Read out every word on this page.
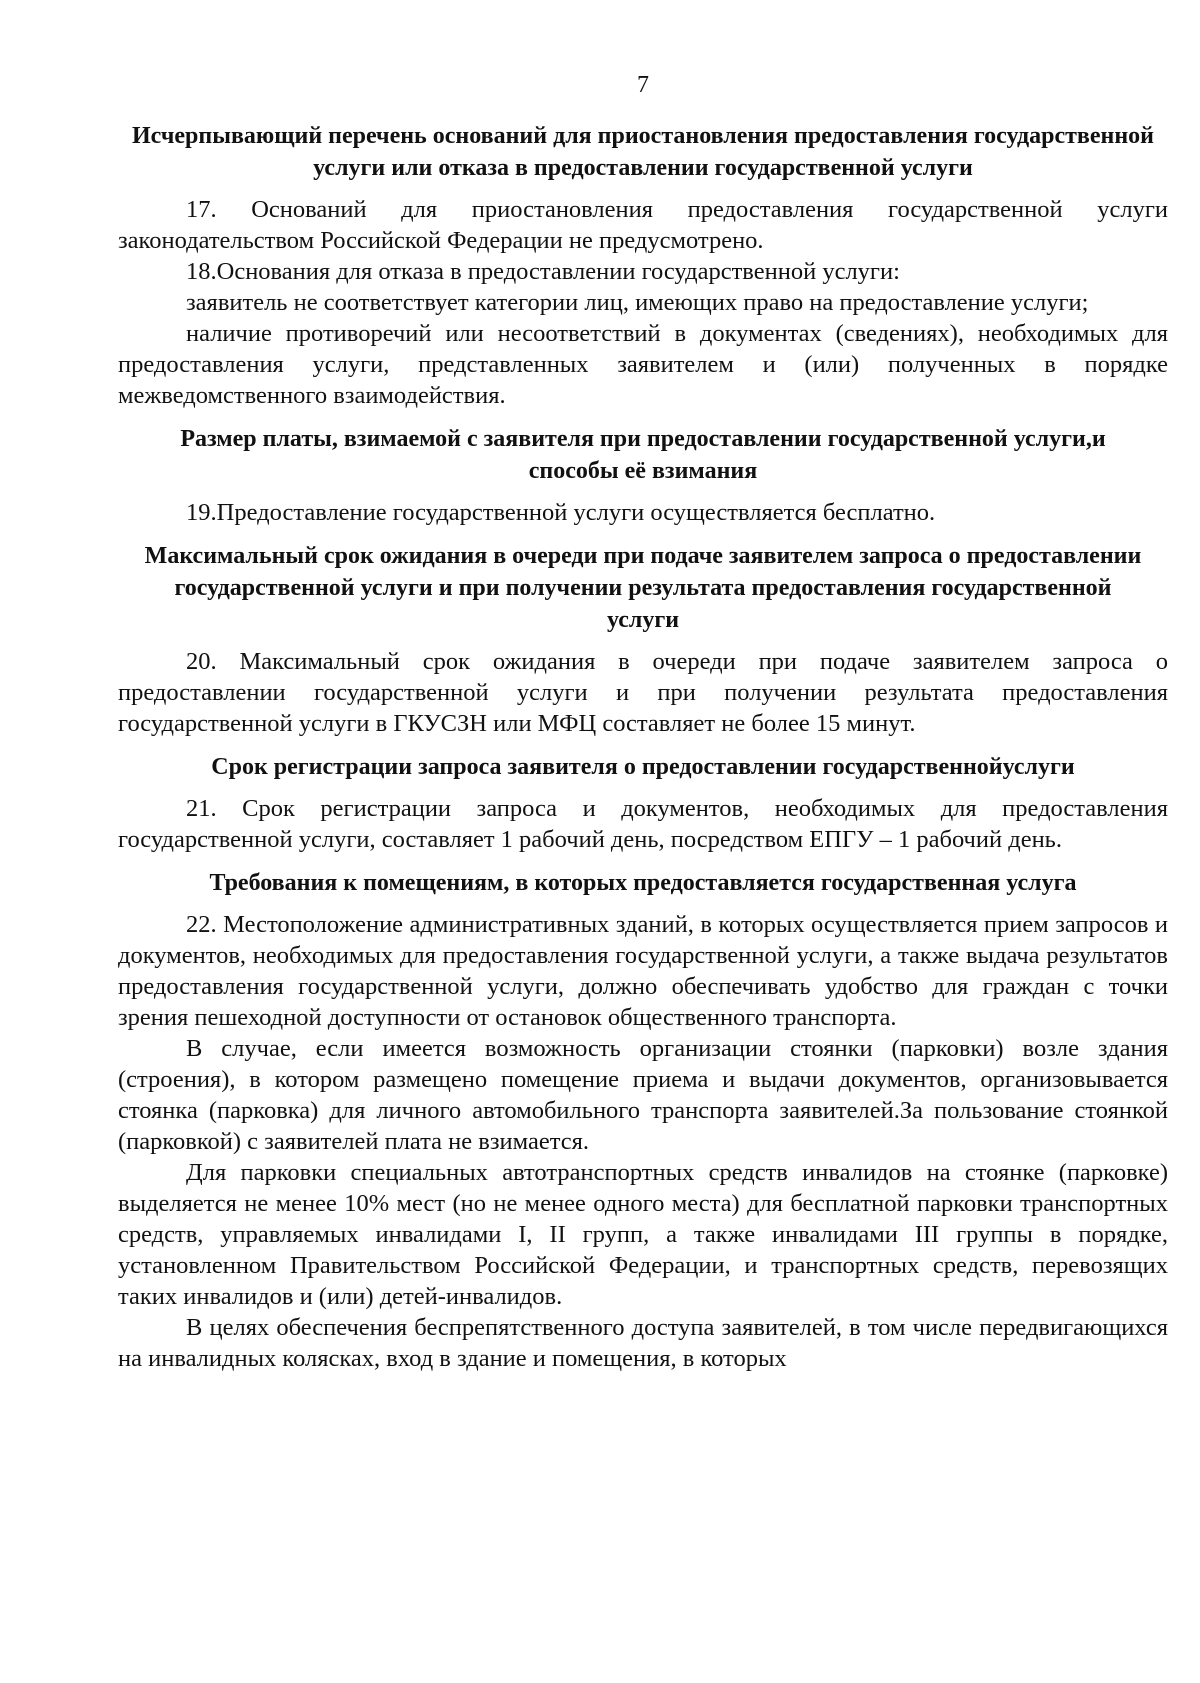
7
Исчерпывающий перечень оснований для приостановления предоставления государственной услуги или отказа в предоставлении государственной услуги

17. Оснований для приостановления предоставления государственной услуги законодательством Российской Федерации не предусмотрено.

18.Основания для отказа в предоставлении государственной услуги:

заявитель не соответствует категории лиц, имеющих право на предоставление услуги;

наличие противоречий или несоответствий в документах (сведениях), необходимых для предоставления услуги, представленных заявителем и (или) полученных в порядке межведомственного взаимодействия.

Размер платы, взимаемой с заявителя при предоставлении государственной услуги,и способы её взимания

19.Предоставление государственной услуги осуществляется бесплатно.

Максимальный срок ожидания в очереди при подаче заявителем запроса о предоставлении государственной услуги и при получении результата предоставления государственной услуги

20. Максимальный срок ожидания в очереди при подаче заявителем запроса о предоставлении государственной услуги и при получении результата предоставления государственной услуги в ГКУСЗН или МФЦ составляет не более 15 минут.

Срок регистрации запроса заявителя о предоставлении государственнойуслуги

21. Срок регистрации запроса и документов, необходимых для предоставления государственной услуги, составляет 1 рабочий день, посредством ЕПГУ – 1 рабочий день.

Требования к помещениям, в которых предоставляется государственная услуга

22. Местоположение административных зданий, в которых осуществляется прием запросов и документов, необходимых для предоставления государственной услуги, а также выдача результатов предоставления государственной услуги, должно обеспечивать удобство для граждан с точки зрения пешеходной доступности от остановок общественного транспорта.

В случае, если имеется возможность организации стоянки (парковки) возле здания (строения), в котором размещено помещение приема и выдачи документов, организовывается стоянка (парковка) для личного автомобильного транспорта заявителей.За пользование стоянкой (парковкой) с заявителей плата не взимается.

Для парковки специальных автотранспортных средств инвалидов на стоянке (парковке) выделяется не менее 10% мест (но не менее одного места) для бесплатной парковки транспортных средств, управляемых инвалидами I, II групп, а также инвалидами III группы в порядке, установленном Правительством Российской Федерации, и транспортных средств, перевозящих таких инвалидов и (или) детей-инвалидов.

В целях обеспечения беспрепятственного доступа заявителей, в том числе передвигающихся на инвалидных колясках, вход в здание и помещения, в которых
